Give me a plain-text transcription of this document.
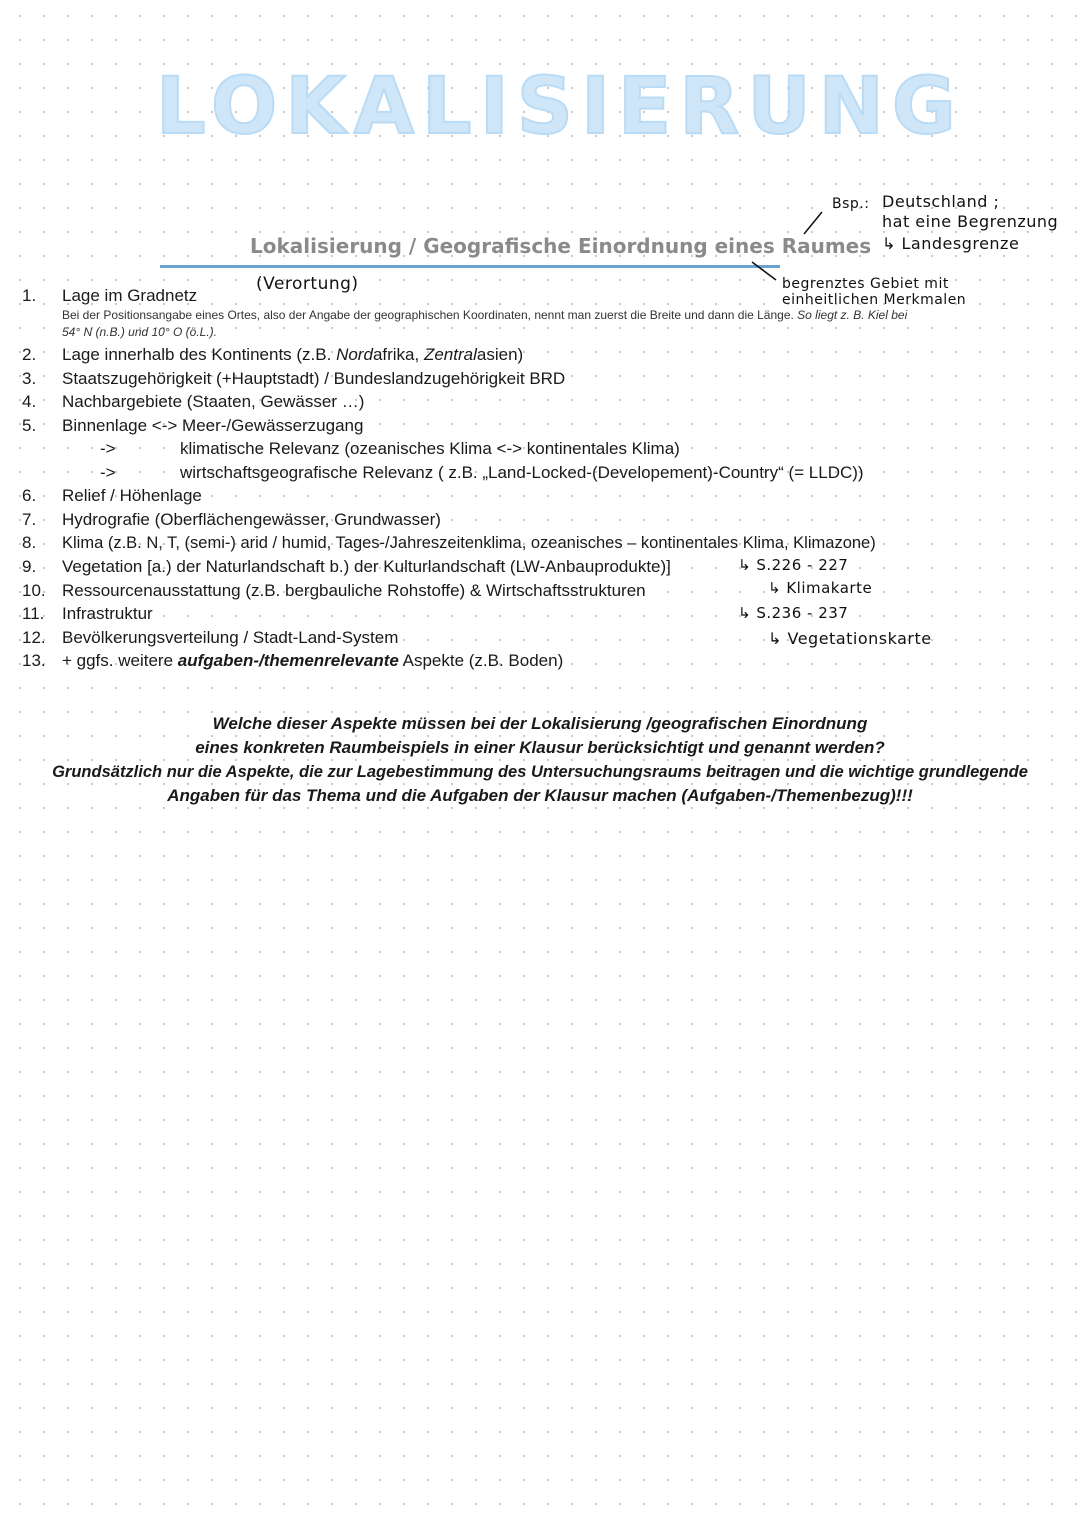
LOKALISIERUNG
Lokalisierung / Geografische Einordnung eines Raumes
(Verortung)
Bsp.: Deutschland ;
hat eine Begrenzung
↳ Landesgrenze
begrenztes Gebiet mit
einheitlichen Merkmalen
↳ S.226 - 227
↳ Klimakarte
↳ S.236 - 237
↳ Vegetationskarte
1.	Lage im Gradnetz
Bei der Positionsangabe eines Ortes, also der Angabe der geographischen Koordinaten, nennt man zuerst die Breite und dann die Länge. So liegt z. B. Kiel bei
54° N (n.B.) und 10° O (ö.L.).
2.	Lage innerhalb des Kontinents (z.B. Nordafrika, Zentralasien)
3.	Staatszugehörigkeit (+Hauptstadt) / Bundeslandzugehörigkeit BRD
4.	Nachbargebiete (Staaten, Gewässer …)
5.	Binnenlage <-> Meer-/Gewässerzugang
->	klimatische Relevanz (ozeanisches Klima <-> kontinentales Klima)
->	wirtschaftsgeografische Relevanz ( z.B. „Land-Locked-(Developement)-Country“ (= LLDC))
6.	Relief / Höhenlage
7.	Hydrografie (Oberflächengewässer, Grundwasser)
8.	Klima (z.B. N, T, (semi-) arid / humid, Tages-/Jahreszeitenklima, ozeanisches – kontinentales Klima, Klimazone)
9.	Vegetation [a.) der Naturlandschaft b.) der Kulturlandschaft (LW-Anbauprodukte)]
10. Ressourcenausstattung (z.B. bergbauliche Rohstoffe) & Wirtschaftsstrukturen
11.	Infrastruktur
12. Bevölkerungsverteilung / Stadt-Land-System
13. + ggfs. weitere aufgaben-/themenrelevante Aspekte (z.B. Boden)
Welche dieser Aspekte müssen bei der Lokalisierung /geografischen Einordnung
eines konkreten Raumbeispiels in einer Klausur berücksichtigt und genannt werden?
Grundsätzlich nur die Aspekte, die zur Lagebestimmung des Untersuchungsraums beitragen und die wichtige grundlegende
Angaben für das Thema und die Aufgaben der Klausur machen (Aufgaben-/Themenbezug)!!!
